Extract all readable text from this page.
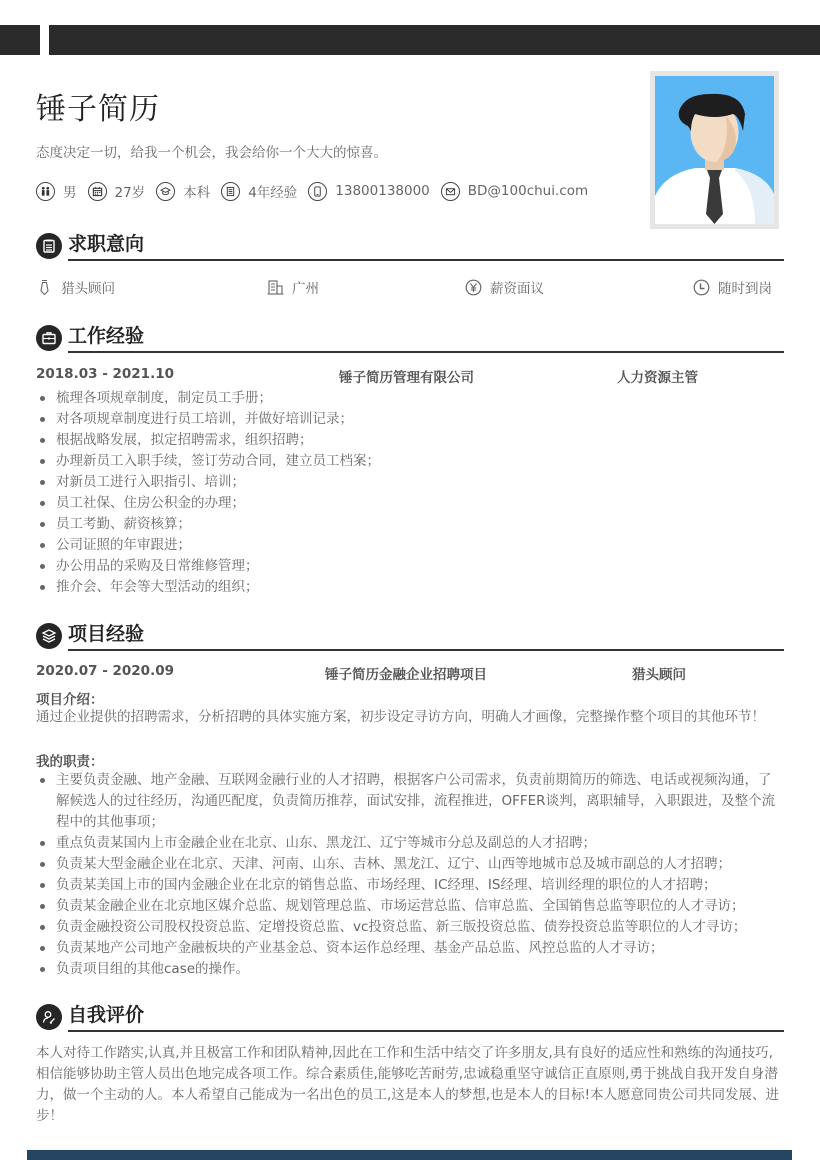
锤子简历
态度决定一切，给我一个机会，我会给你一个大大的惊喜。
男	27岁	本科	4年经验	13800138000	BD@100chui.com
求职意向
猎头顾问	广州	薪资面议	随时到岗
工作经验
2018.03 - 2021.10	锤子简历管理有限公司	人力资源主管
梳理各项规章制度，制定员工手册；
对各项规章制度进行员工培训，并做好培训记录；
根据战略发展，拟定招聘需求，组织招聘；
办理新员工入职手续，签订劳动合同，建立员工档案；
对新员工进行入职指引、培训；
员工社保、住房公积金的办理；
员工考勤、薪资核算；
公司证照的年审跟进；
办公用品的采购及日常维修管理；
推介会、年会等大型活动的组织；
项目经验
2020.07 - 2020.09	锤子简历金融企业招聘项目	猎头顾问
项目介绍：
通过企业提供的招聘需求，分析招聘的具体实施方案，初步设定寻访方向，明确人才画像，完整操作整个项目的其他环节！
我的职责：
主要负责金融、地产金融、互联网金融行业的人才招聘，根据客户公司需求，负责前期简历的筛选、电话或视频沟通，了解候选人的过往经历，沟通匹配度，负责简历推荐，面试安排，流程推进，OFFER谈判，离职辅导，入职跟进，及整个流程中的其他事项；
重点负责某国内上市金融企业在北京、山东、黑龙江、辽宁等城市分总及副总的人才招聘；
负责某大型金融企业在北京、天津、河南、山东、吉林、黑龙江、辽宁、山西等地城市总及城市副总的人才招聘；
负责某美国上市的国内金融企业在北京的销售总监、市场经理、IC经理、IS经理、培训经理的职位的人才招聘；
负责某金融企业在北京地区媒介总监、规划管理总监、市场运营总监、信审总监、全国销售总监等职位的人才寻访；
负责金融投资公司股权投资总监、定增投资总监、vc投资总监、新三版投资总监、债券投资总监等职位的人才寻访；
负责某地产公司地产金融板块的产业基金总、资本运作总经理、基金产品总监、风控总监的人才寻访；
负责项目组的其他case的操作。
自我评价
本人对待工作踏实,认真,并且极富工作和团队精神,因此在工作和生活中结交了许多朋友,具有良好的适应性和熟练的沟通技巧,相信能够协助主管人员出色地完成各项工作。综合素质佳,能够吃苦耐劳,忠诚稳重坚守诚信正直原则,勇于挑战自我开发自身潜力，做一个主动的人。本人希望自己能成为一名出色的员工,这是本人的梦想,也是本人的目标!本人愿意同贵公司共同发展、进步！
